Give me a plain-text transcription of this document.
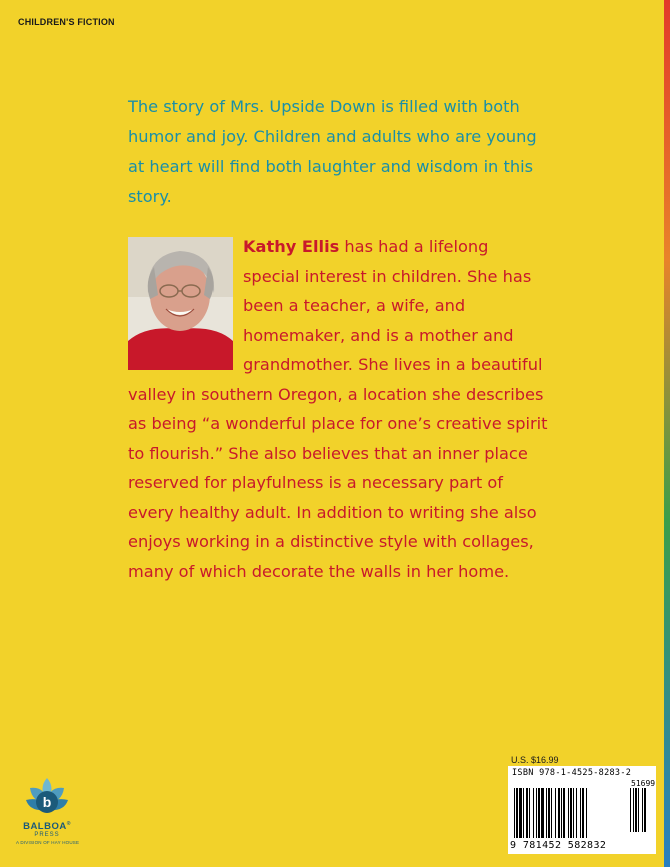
CHILDREN'S FICTION
The story of Mrs. Upside Down is filled with both humor and joy. Children and adults who are young at heart will find both laughter and wisdom in this story.
Kathy Ellis has had a lifelong special interest in children. She has been a teacher, a wife, and homemaker, and is a mother and grandmother. She lives in a beautiful valley in southern Oregon, a location she describes as being “a wonderful place for one’s creative spirit to flourish.” She also believes that an inner place reserved for playfulness is a necessary part of every healthy adult. In addition to writing she also enjoys working in a distinctive style with collages, many of which decorate the walls in her home.
U.S. $16.99
ISBN 978-1-4525-8283-2
51699
9 781452 582832
b
BALBOA®
PRESS
A DIVISION OF HAY HOUSE
